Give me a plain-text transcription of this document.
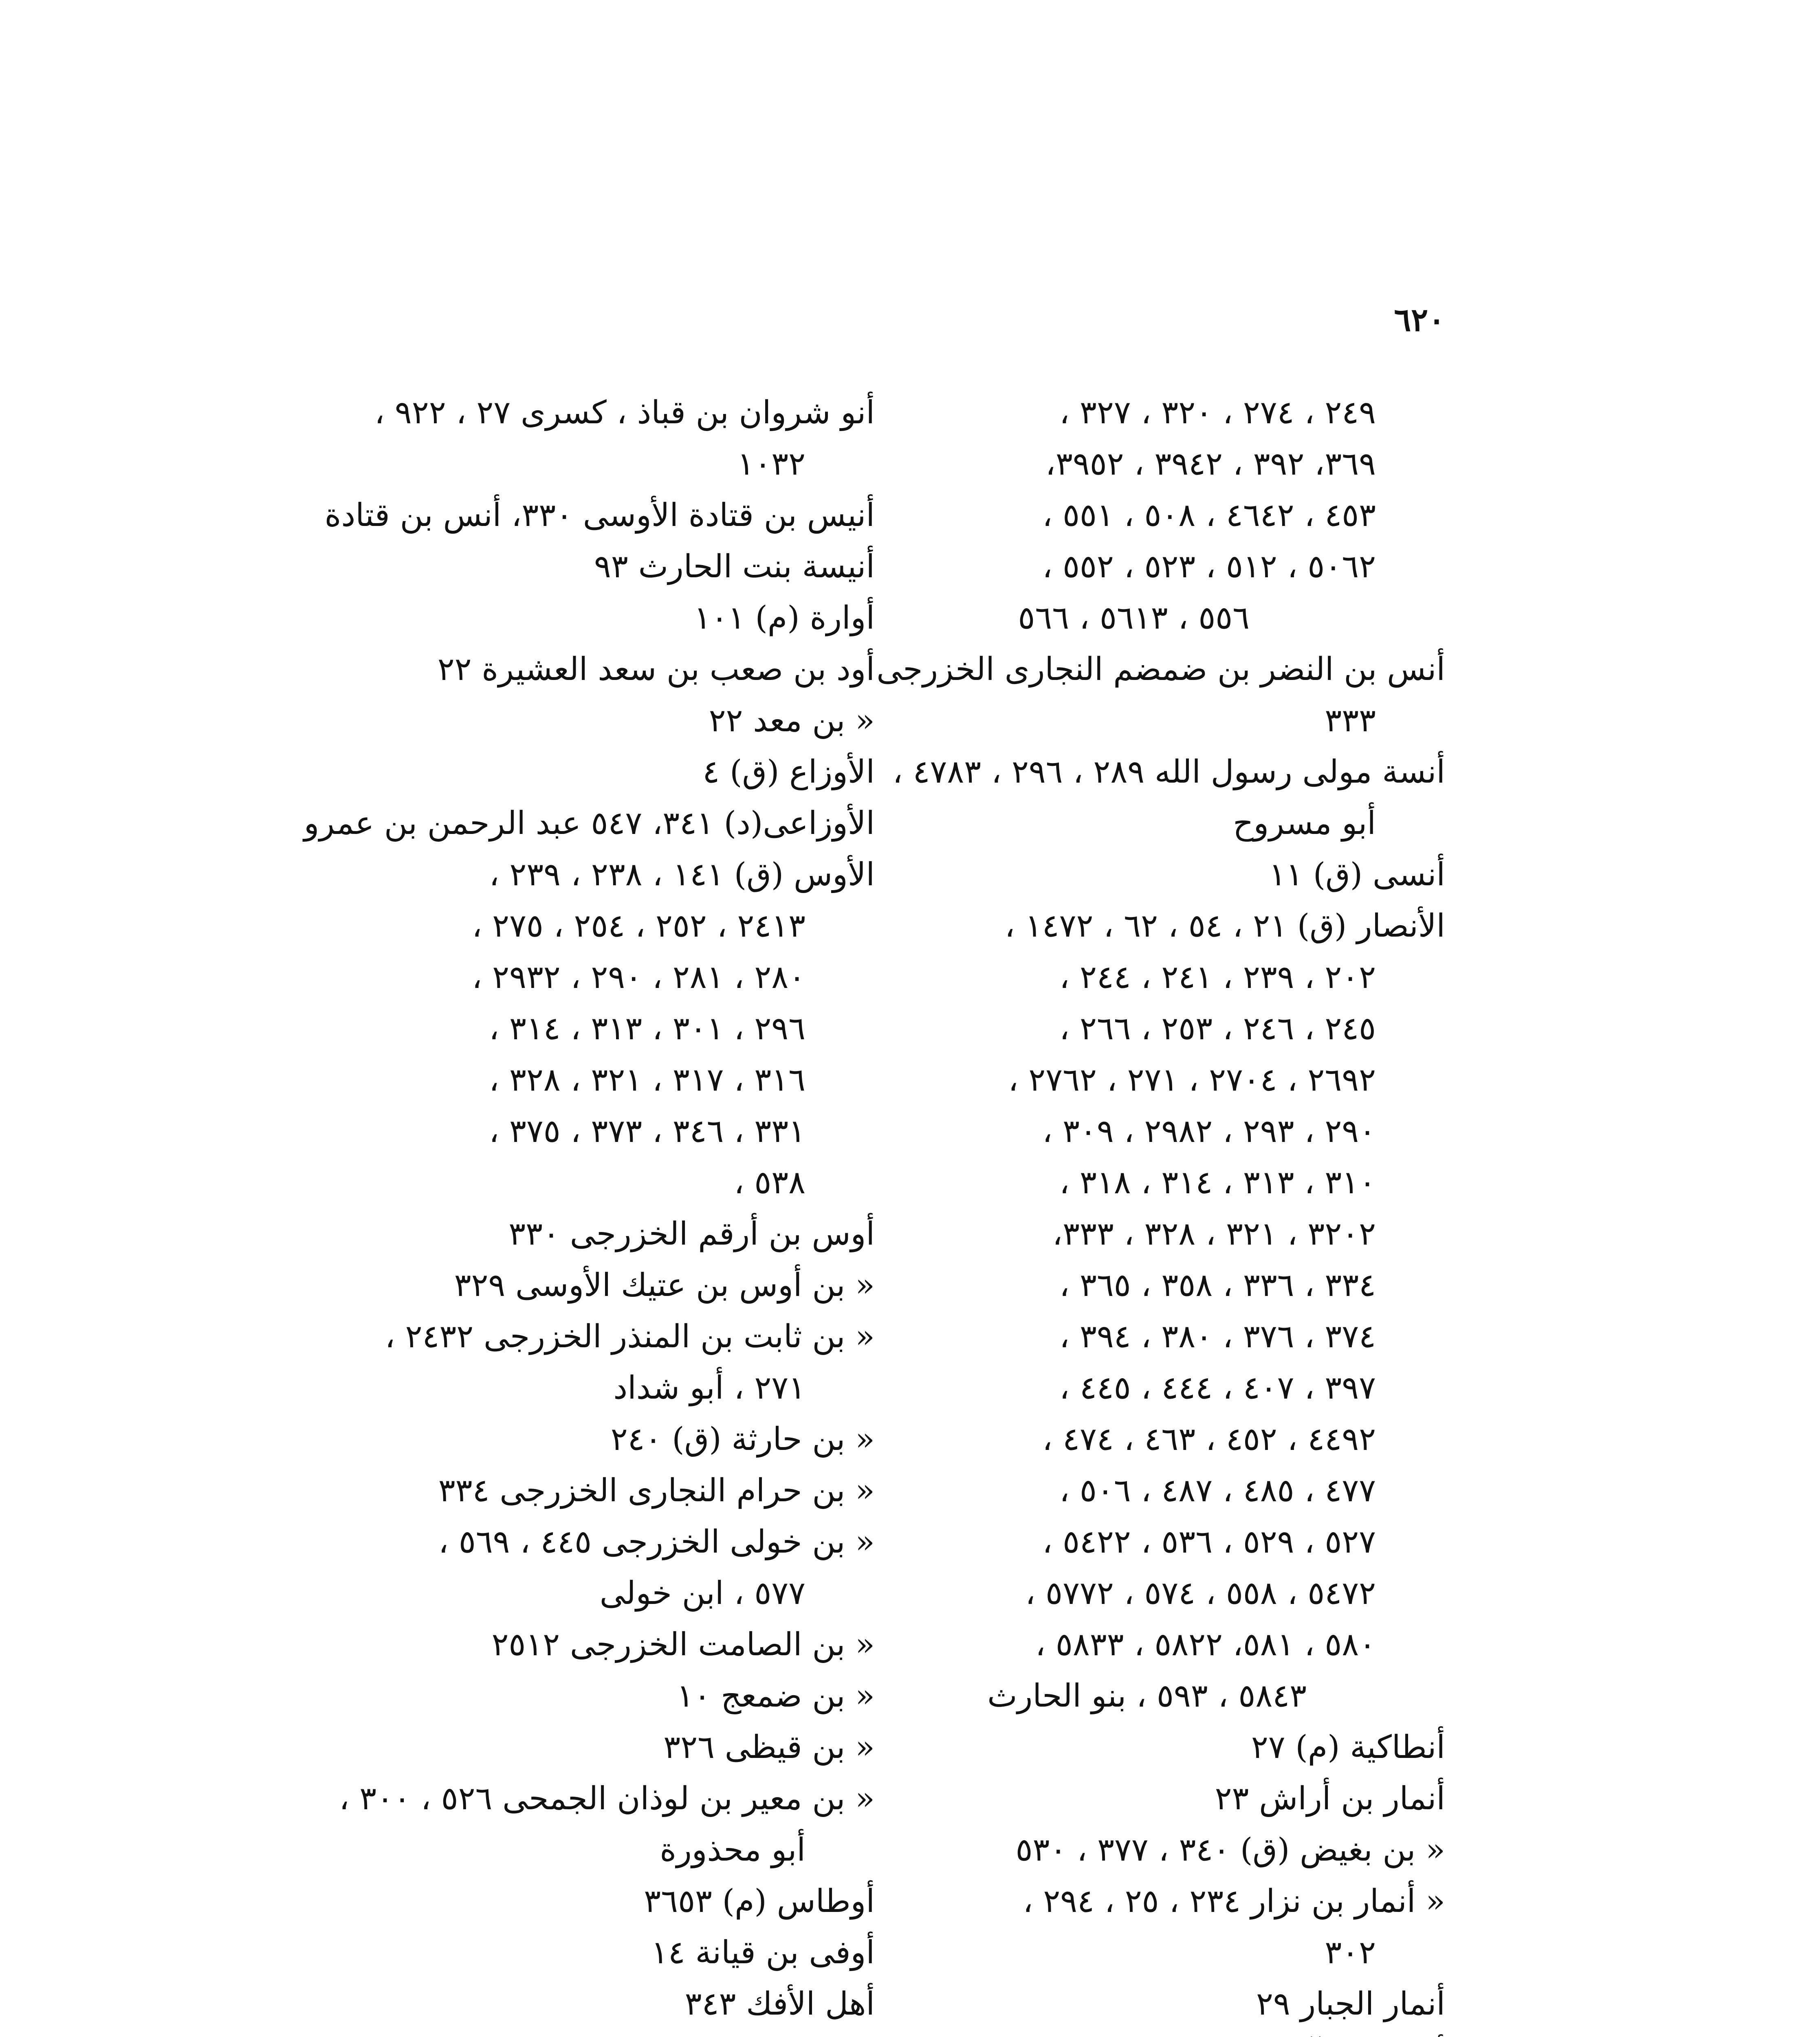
٦٢٠
٢٤٩ ، ٢٧٤ ، ٣٢٠ ، ٣٢٧ ،
٣٦٩، ٣٩٢ ، ٣٩٤٢ ، ٣٩٥٢،
٤٥٣ ، ٤٦٤٢ ، ٥٠٨ ، ٥٥١ ،
٥٠٦٢ ، ٥١٢ ، ٥٢٣ ، ٥٥٢ ،
٥٥٦ ، ٥٦١٣ ، ٥٦٦
أنس بن النضر بن ضمضم النجارى الخزرجى
٣٣٣
أنسة مولى رسول الله ٢٨٩ ، ٢٩٦ ، ٤٧٨٣ ،
أبو مسروح
أنسى (ق) ١١
الأنصار (ق) ٢١ ، ٥٤ ، ٦٢ ، ١٤٧٢ ،
٢٠٢ ، ٢٣٩ ، ٢٤١ ، ٢٤٤ ،
٢٤٥ ، ٢٤٦ ، ٢٥٣ ، ٢٦٦ ،
٢٦٩٢ ، ٢٧٠٤ ، ٢٧١ ، ٢٧٦٢ ،
٢٩٠ ، ٢٩٣ ، ٢٩٨٢ ، ٣٠٩ ،
٣١٠ ، ٣١٣ ، ٣١٤ ، ٣١٨ ،
٣٢٠٢ ، ٣٢١ ، ٣٢٨ ، ٣٣٣،
٣٣٤ ، ٣٣٦ ، ٣٥٨ ، ٣٦٥ ،
٣٧٤ ، ٣٧٦ ، ٣٨٠ ، ٣٩٤ ،
٣٩٧ ، ٤٠٧ ، ٤٤٤ ، ٤٤٥ ،
٤٤٩٢ ، ٤٥٢ ، ٤٦٣ ، ٤٧٤ ،
٤٧٧ ، ٤٨٥ ، ٤٨٧ ، ٥٠٦ ،
٥٢٧ ، ٥٢٩ ، ٥٣٦ ، ٥٤٢٢ ،
٥٤٧٢ ، ٥٥٨ ، ٥٧٤ ، ٥٧٧٢ ،
٥٨٠ ، ٥٨١، ٥٨٢٢ ، ٥٨٣٣ ،
٥٨٤٣ ، ٥٩٣ ، بنو الحارث
أنطاكية (م) ٢٧
أنمار بن أراش ٢٣
« بن بغيض (ق) ٣٤٠ ، ٣٧٧ ، ٥٣٠
« أنمار بن نزار ٢٣٤ ، ٢٥ ، ٢٩٤ ،
٣٠٢
أنمار الجبار ٢٩
أنو شروان بن قباذ ، كسرى ٢٧ ، ٩٢٢ ،
١٠٣٢
أنيس بن قتادة الأوسى ٣٣٠، أنس بن قتادة
أنيسة بنت الحارث ٩٣
أوارة (م) ١٠١
أود بن صعب بن سعد العشيرة ٢٢
« بن معد ٢٢
الأوزاع (ق) ٤
الأوزاعى(د) ٣٤١، ٥٤٧ عبد الرحمن بن عمرو
الأوس (ق) ١٤١ ، ٢٣٨ ، ٢٣٩ ،
٢٤١٣ ، ٢٥٢ ، ٢٥٤ ، ٢٧٥ ،
٢٨٠ ، ٢٨١ ، ٢٩٠ ، ٢٩٣٢ ،
٢٩٦ ، ٣٠١ ، ٣١٣ ، ٣١٤ ،
٣١٦ ، ٣١٧ ، ٣٢١ ، ٣٢٨ ،
٣٣١ ، ٣٤٦ ، ٣٧٣ ، ٣٧٥ ،
٥٣٨ ،
أوس بن أرقم الخزرجى ٣٣٠
« بن أوس بن عتيك الأوسى ٣٢٩
« بن ثابت بن المنذر الخزرجى ٢٤٣٢ ،
٢٧١ ، أبو شداد
« بن حارثة (ق) ٢٤٠
« بن حرام النجارى الخزرجى ٣٣٤
« بن خولى الخزرجى ٤٤٥ ، ٥٦٩ ،
٥٧٧ ، ابن خولى
« بن الصامت الخزرجى ٢٥١٢
« بن ضمعج ١٠
« بن قيظى ٣٢٦
« بن معير بن لوذان الجمحى ٥٢٦ ، ٣٠٠ ،
أبو محذورة
أوطاس (م) ٣٦٥٣
أوفى بن قيانة ١٤
أهل الأفك ٣٤٣
